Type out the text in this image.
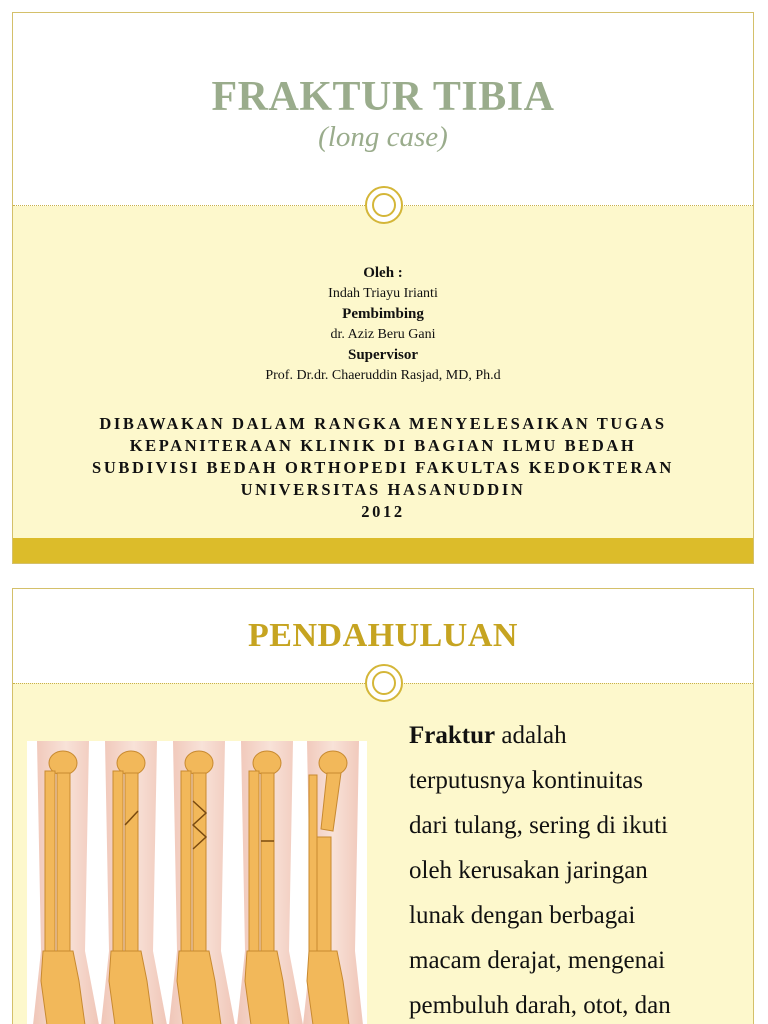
FRAKTUR TIBIA
(long case)
Oleh :
Indah Triayu Irianti
Pembimbing
dr. Aziz Beru Gani
Supervisor
Prof. Dr.dr. Chaeruddin Rasjad, MD, Ph.d
DIBAWAKAN DALAM RANGKA MENYELESAIKAN TUGAS
KEPANITERAAN KLINIK DI BAGIAN ILMU BEDAH
SUBDIVISI BEDAH ORTHOPEDI FAKULTAS KEDOKTERAN
UNIVERSITAS HASANUDDIN
2012
PENDAHULUAN
Fraktur adalah
terputusnya kontinuitas
dari tulang, sering di ikuti
oleh kerusakan jaringan
lunak dengan berbagai
macam derajat, mengenai
pembuluh darah, otot, dan
